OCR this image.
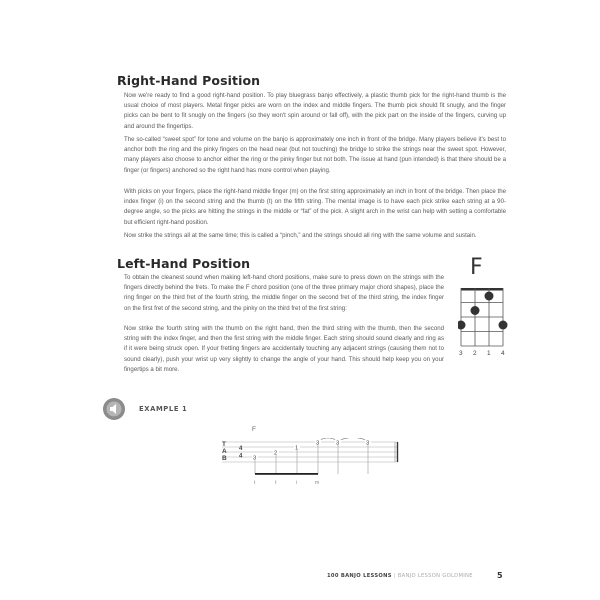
Right-Hand Position

Now we're ready to find a good right-hand position. To play bluegrass banjo effectively, a plastic thumb pick for the right-hand thumb is the usual choice of most players. Metal finger picks are worn on the index and middle fingers. The thumb pick should fit snugly, and the finger picks can be bent to fit snugly on the fingers (so they won't spin around or fall off), with the pick part on the inside of the fingers, curving up and around the fingertips.

The so-called “sweet spot” for tone and volume on the banjo is approximately one inch in front of the bridge. Many players believe it's best to anchor both the ring and the pinky fingers on the head near (but not touching) the bridge to strike the strings near the sweet spot. However, many players also choose to anchor either the ring or the pinky finger but not both. The issue at hand (pun intended) is that there should be a finger (or fingers) anchored so the right hand has more control when playing.

With picks on your fingers, place the right-hand middle finger (m) on the first string approximately an inch in front of the bridge. Then place the index finger (i) on the second string and the thumb (t) on the fifth string. The mental image is to have each pick strike each string at a 90-degree angle, so the picks are hitting the strings in the middle or “fat” of the pick. A slight arch in the wrist can help with setting a comfortable but efficient right-hand position.

Now strike the strings all at the same time; this is called a “pinch,” and the strings should all ring with the same volume and sustain.

Left-Hand Position

To obtain the cleanest sound when making left-hand chord positions, make sure to press down on the strings with the fingers directly behind the frets. To make the F chord position (one of the three primary major chord shapes), place the ring finger on the third fret of the fourth string, the middle finger on the second fret of the third string, the index finger on the first fret of the second string, and the pinky on the third fret of the first string:

Now strike the fourth string with the thumb on the right hand, then the third string with the thumb, then the second string with the index finger, and then the first string with the middle finger. Each string should sound clearly and ring as if it were being struck open. If your fretting fingers are accidentally touching any adjacent strings (causing them not to sound clearly), push your wrist up very slightly to change the angle of your hand. This should help keep you on your fingertips a bit more.

F
3 2 1 4
EXAMPLE 1
F
T
A
B
4
4 3
2
1
3	3	3
t	t	i	m
100 BANJO LESSONS | BANJO LESSON GOLDMINE	5
